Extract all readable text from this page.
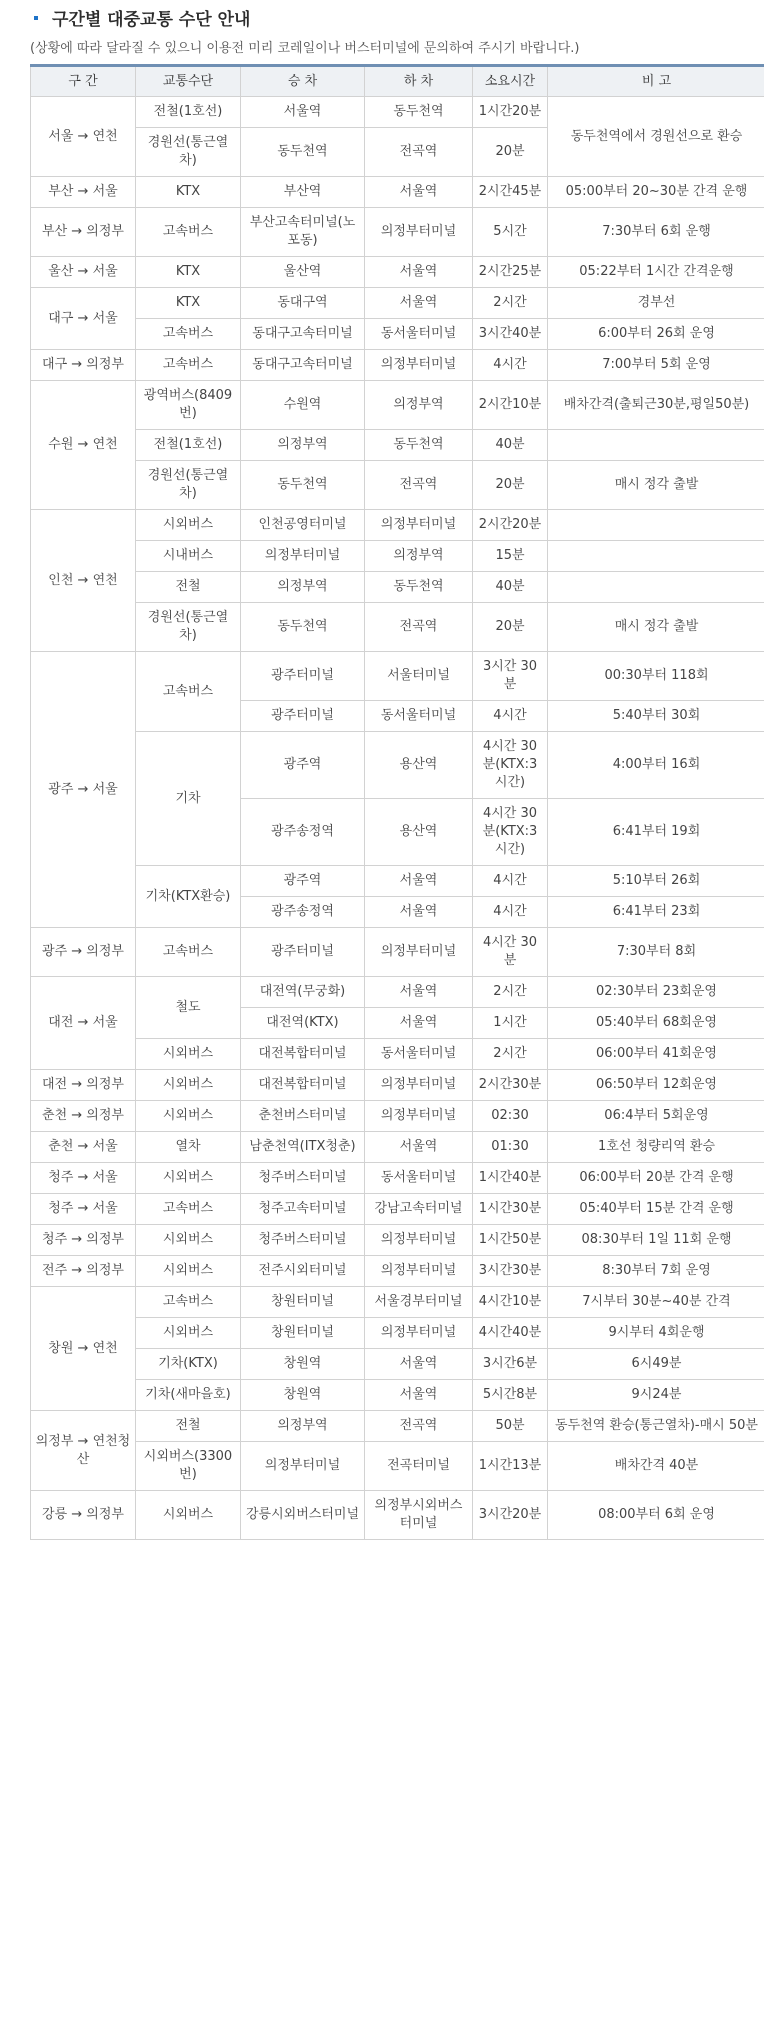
구간별 대중교통 수단 안내
(상황에 따라 달라질 수 있으니 이용전 미리 코레일이나 버스터미널에 문의하여 주시기 바랍니다.)
구 간	교통수단	승 차	하 차	소요시간	비 고
서울 → 연천	전철(1호선)	서울역	동두천역	1시간20분	동두천역에서 경원선으로 환승
	경원선(통근열차)	동두천역	전곡역	20분	
부산 → 서울	KTX	부산역	서울역	2시간45분	05:00부터 20~30분 간격 운행
부산 → 의정부	고속버스	부산고속터미널(노포동)	의정부터미널	5시간	7:30부터 6회 운행
울산 → 서울	KTX	울산역	서울역	2시간25분	05:22부터 1시간 간격운행
대구 → 서울	KTX	동대구역	서울역	2시간	경부선
	고속버스	동대구고속터미널	동서울터미널	3시간40분	6:00부터 26회 운영
대구 → 의정부	고속버스	동대구고속터미널	의정부터미널	4시간	7:00부터 5회 운영
수원 → 연천	광역버스(8409번)	수원역	의정부역	2시간10분	배차간격(출퇴근30분,평일50분)
	전철(1호선)	의정부역	동두천역	40분	
	경원선(통근열차)	동두천역	전곡역	20분	매시 정각 출발
인천 → 연천	시외버스	인천공영터미널	의정부터미널	2시간20분	
	시내버스	의정부터미널	의정부역	15분	
	전철	의정부역	동두천역	40분	
	경원선(통근열차)	동두천역	전곡역	20분	매시 정각 출발
광주 → 서울	고속버스	광주터미널	서울터미널	3시간 30분	00:30부터 118회
		광주터미널	동서울터미널	4시간	5:40부터 30회
	기차	광주역	용산역	4시간 30분(KTX:3시간)	4:00부터 16회
		광주송정역	용산역	4시간 30분(KTX:3시간)	6:41부터 19회
	기차(KTX환승)	광주역	서울역	4시간	5:10부터 26회
		광주송정역	서울역	4시간	6:41부터 23회
광주 → 의정부	고속버스	광주터미널	의정부터미널	4시간 30분	7:30부터 8회
대전 → 서울	철도	대전역(무궁화)	서울역	2시간	02:30부터 23회운영
		대전역(KTX)	서울역	1시간	05:40부터 68회운영
	시외버스	대전복합터미널	동서울터미널	2시간	06:00부터 41회운영
대전 → 의정부	시외버스	대전복합터미널	의정부터미널	2시간30분	06:50부터 12회운영
춘천 → 의정부	시외버스	춘천버스터미널	의정부터미널	02:30	06:4부터 5회운영
춘천 → 서울	열차	남춘천역(ITX청춘)	서울역	01:30	1호선 청량리역 환승
청주 → 서울	시외버스	청주버스터미널	동서울터미널	1시간40분	06:00부터 20분 간격 운행
청주 → 서울	고속버스	청주고속터미널	강남고속터미널	1시간30분	05:40부터 15분 간격 운행
청주 → 의정부	시외버스	청주버스터미널	의정부터미널	1시간50분	08:30부터 1일 11회 운행
전주 → 의정부	시외버스	전주시외터미널	의정부터미널	3시간30분	8:30부터 7회 운영
창원 → 연천	고속버스	창원터미널	서울경부터미널	4시간10분	7시부터 30분~40분 간격
	시외버스	창원터미널	의정부터미널	4시간40분	9시부터 4회운행
	기차(KTX)	창원역	서울역	3시간6분	6시49분
	기차(새마을호)	창원역	서울역	5시간8분	9시24분
의정부 → 연천청산	전철	의정부역	전곡역	50분	동두천역 환승(통근열차)-매시 50분
	시외버스(3300번)	의정부터미널	전곡터미널	1시간13분	배차간격 40분
강릉 → 의정부	시외버스	강릉시외버스터미널	의정부시외버스터미널	3시간20분	08:00부터 6회 운영
